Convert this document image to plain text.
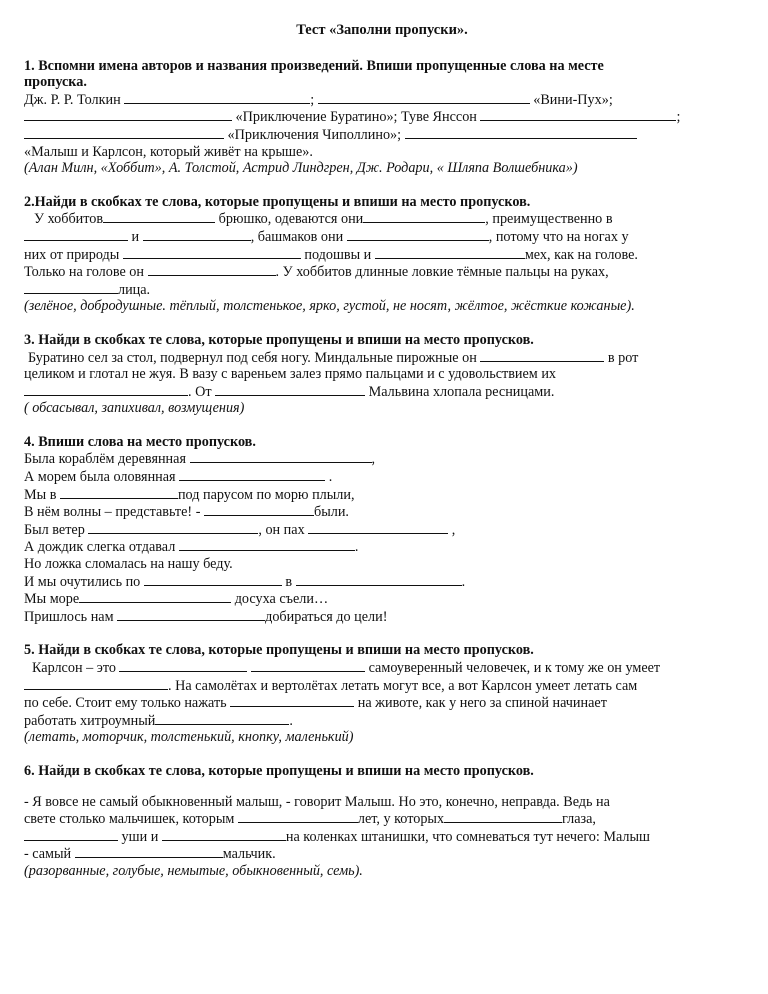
Тест «Заполни пропуски».

1. Вспомни имена авторов и названия произведений. Впиши пропущенные слова на месте

пропуска.

Дж. Р. Р. Толкин	;	«Вини-Пух»;

«Приключение Буратино»; Туве Янссон	;

«Приключения Чиполлино»;

«Малыш и Карлсон, который живёт на крыше».

(Алан Милн, «Хоббит», А. Толстой, Астрид Линдгрен, Дж. Родари, « Шляпа Волшебника»)

2.Найди в скобках те слова, которые пропущены и впиши на место пропусков.

У хоббитов	брюшко, одеваются они	, преимущественно в

и	, башмаков они	, потому что на ногах у

них от природы	подошвы и	мех, как на голове.

Только на голове он	. У хоббитов длинные ловкие тёмные пальцы на руках,

лица.

(зелёное, добродушные. тёплый, толстенькое, ярко, густой, не носят, жёлтое, жёсткие кожаные).

3. Найди в скобках те слова, которые пропущены и впиши на место пропусков.

Буратино сел за стол, подвернул под себя ногу. Миндальные пирожные он	в рот

целиком и глотал не жуя. В вазу с вареньем залез прямо пальцами и с удовольствием их

. От	Мальвина хлопала ресницами.

( обсасывал, запихивал, возмущения)

4. Впиши слова на место пропусков.

Была кораблём деревянная	,

А морем была оловянная	.

Мы в	под парусом по морю плыли,

В нём волны – представьте! -	были.

Был ветер	, он пах	,

А дождик слегка отдавал	.

Но ложка сломалась на нашу беду.

И мы очутились по	в	.

Мы море	досуха съели…

Пришлось нам	добираться до цели!

5. Найди в скобках те слова, которые пропущены и впиши на место пропусков.

Карлсон – это	самоуверенный человечек, и к тому же он умеет

. На самолётах и вертолётах летать могут все, а вот Карлсон умеет летать сам

по себе. Стоит ему только нажать	на животе, как у него за спиной начинает

работать хитроумный	.

(летать, моторчик, толстенький, кнопку, маленький)

6. Найди в скобках те слова, которые пропущены и впиши на место пропусков.

- Я вовсе не самый обыкновенный малыш, - говорит Малыш. Но это, конечно, неправда. Ведь на

свете столько мальчишек, которым	лет, у которых	глаза,

уши и	на коленках штанишки, что сомневаться тут нечего: Малыш

- самый	мальчик.

(разорванные, голубые, немытые, обыкновенный, семь).
